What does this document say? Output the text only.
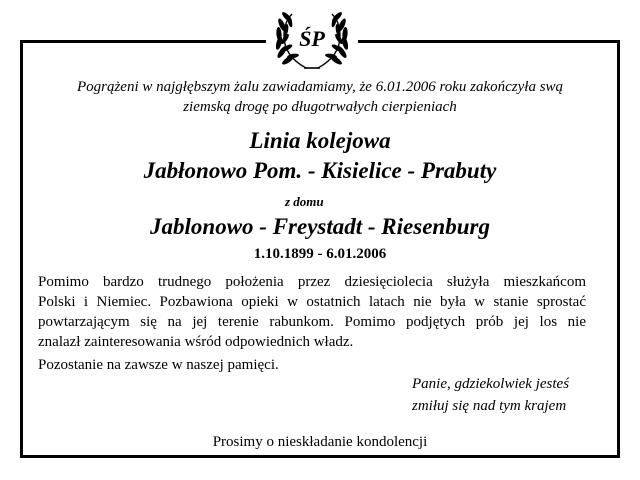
ŚP
Pogrążeni w najgłębszym żalu zawiadamiamy, że 6.01.2006 roku zakończyła swą
ziemską drogę po długotrwałych cierpieniach
Linia kolejowa
Jabłonowo Pom. - Kisielice - Prabuty
z domu
Jablonowo - Freystadt - Riesenburg
1.10.1899 - 6.01.2006
Pomimo bardzo trudnego położenia przez dziesięciolecia służyła mieszkańcom
Polski i Niemiec. Pozbawiona opieki w ostatnich latach nie była w stanie sprostać
powtarzającym się na jej terenie rabunkom. Pomimo podjętych prób jej los nie
znalazł zainteresowania wśród odpowiednich władz.
Pozostanie na zawsze w naszej pamięci.
Panie, gdziekolwiek jesteś
zmiłuj się nad tym krajem
Prosimy o nieskładanie kondolencji
